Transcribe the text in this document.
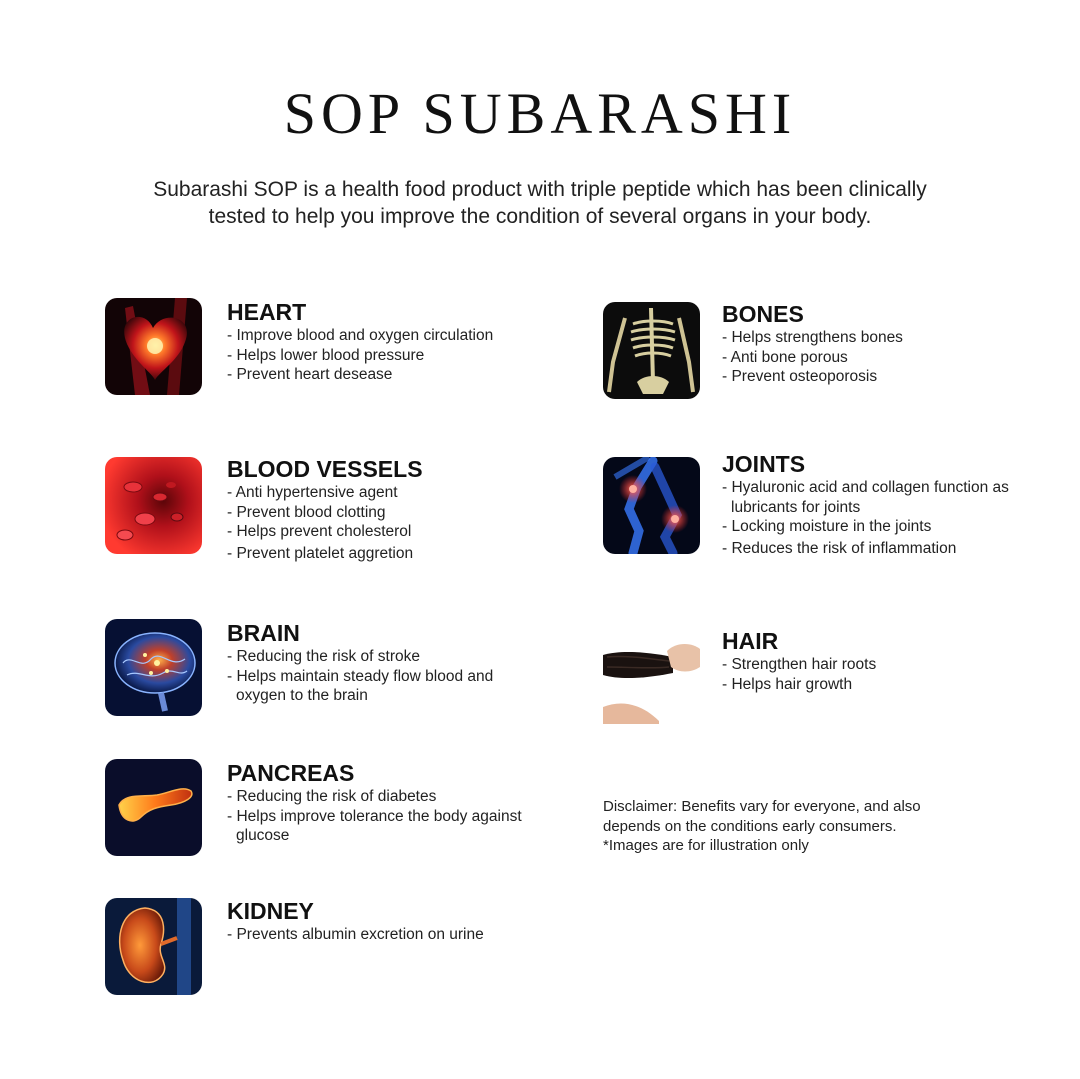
SOP SUBARASHI
Subarashi SOP is a health food product with triple peptide which has been clinically
tested to help you improve the condition of several organs in your body.
HEART
- Improve blood and oxygen circulation
- Helps lower blood pressure
- Prevent heart desease
BLOOD VESSELS
- Anti hypertensive agent
- Prevent blood clotting
- Helps prevent cholesterol
- Prevent platelet aggretion
BRAIN
- Reducing the risk of stroke
- Helps maintain steady flow blood and oxygen to the brain
PANCREAS
- Reducing the risk of diabetes
- Helps improve tolerance the body against glucose
KIDNEY
- Prevents albumin excretion on urine
BONES
- Helps strengthens bones
- Anti bone porous
- Prevent osteoporosis
JOINTS
- Hyaluronic acid and collagen function as lubricants for joints
- Locking moisture in the joints
- Reduces the risk of inflammation
HAIR
- Strengthen hair roots
- Helps hair growth
Disclaimer: Benefits vary for everyone, and also
depends on the conditions early consumers.
*Images are for illustration only
